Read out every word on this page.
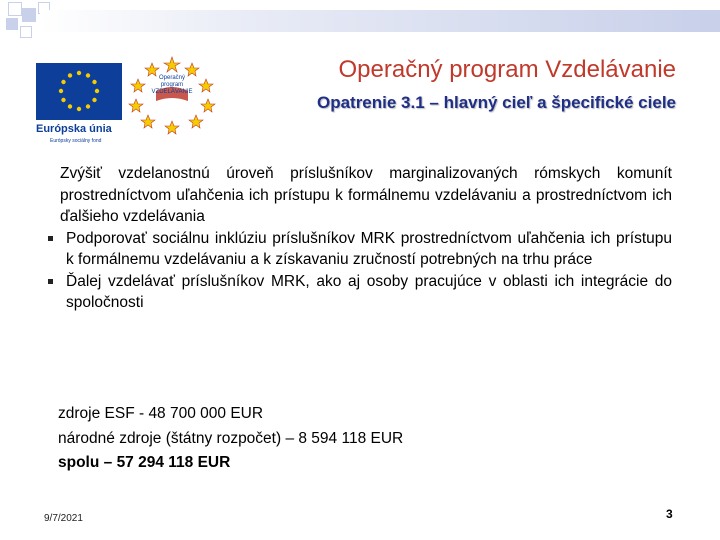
Európska únia
Európsky sociálny fond
Operačný program VZDELÁVANIE
Operačný program Vzdelávanie
Opatrenie 3.1 – hlavný cieľ a špecifické ciele

Zvýšiť vzdelanostnú úroveň príslušníkov marginalizovaných rómskych komunít prostredníctvom uľahčenia ich prístupu k formálnemu vzdelávaniu a prostredníctvom ich ďalšieho vzdelávania

Podporovať sociálnu inklúziu príslušníkov MRK prostredníctvom uľahčenia ich prístupu k formálnemu vzdelávaniu a k získavaniu zručností potrebných na trhu práce
Ďalej vzdelávať príslušníkov MRK, ako aj osoby pracujúce v oblasti ich integrácie do spoločnosti
zdroje ESF - 48 700 000 EUR
národné zdroje (štátny rozpočet) – 8 594 118 EUR
spolu – 57 294 118 EUR
9/7/2021	3
